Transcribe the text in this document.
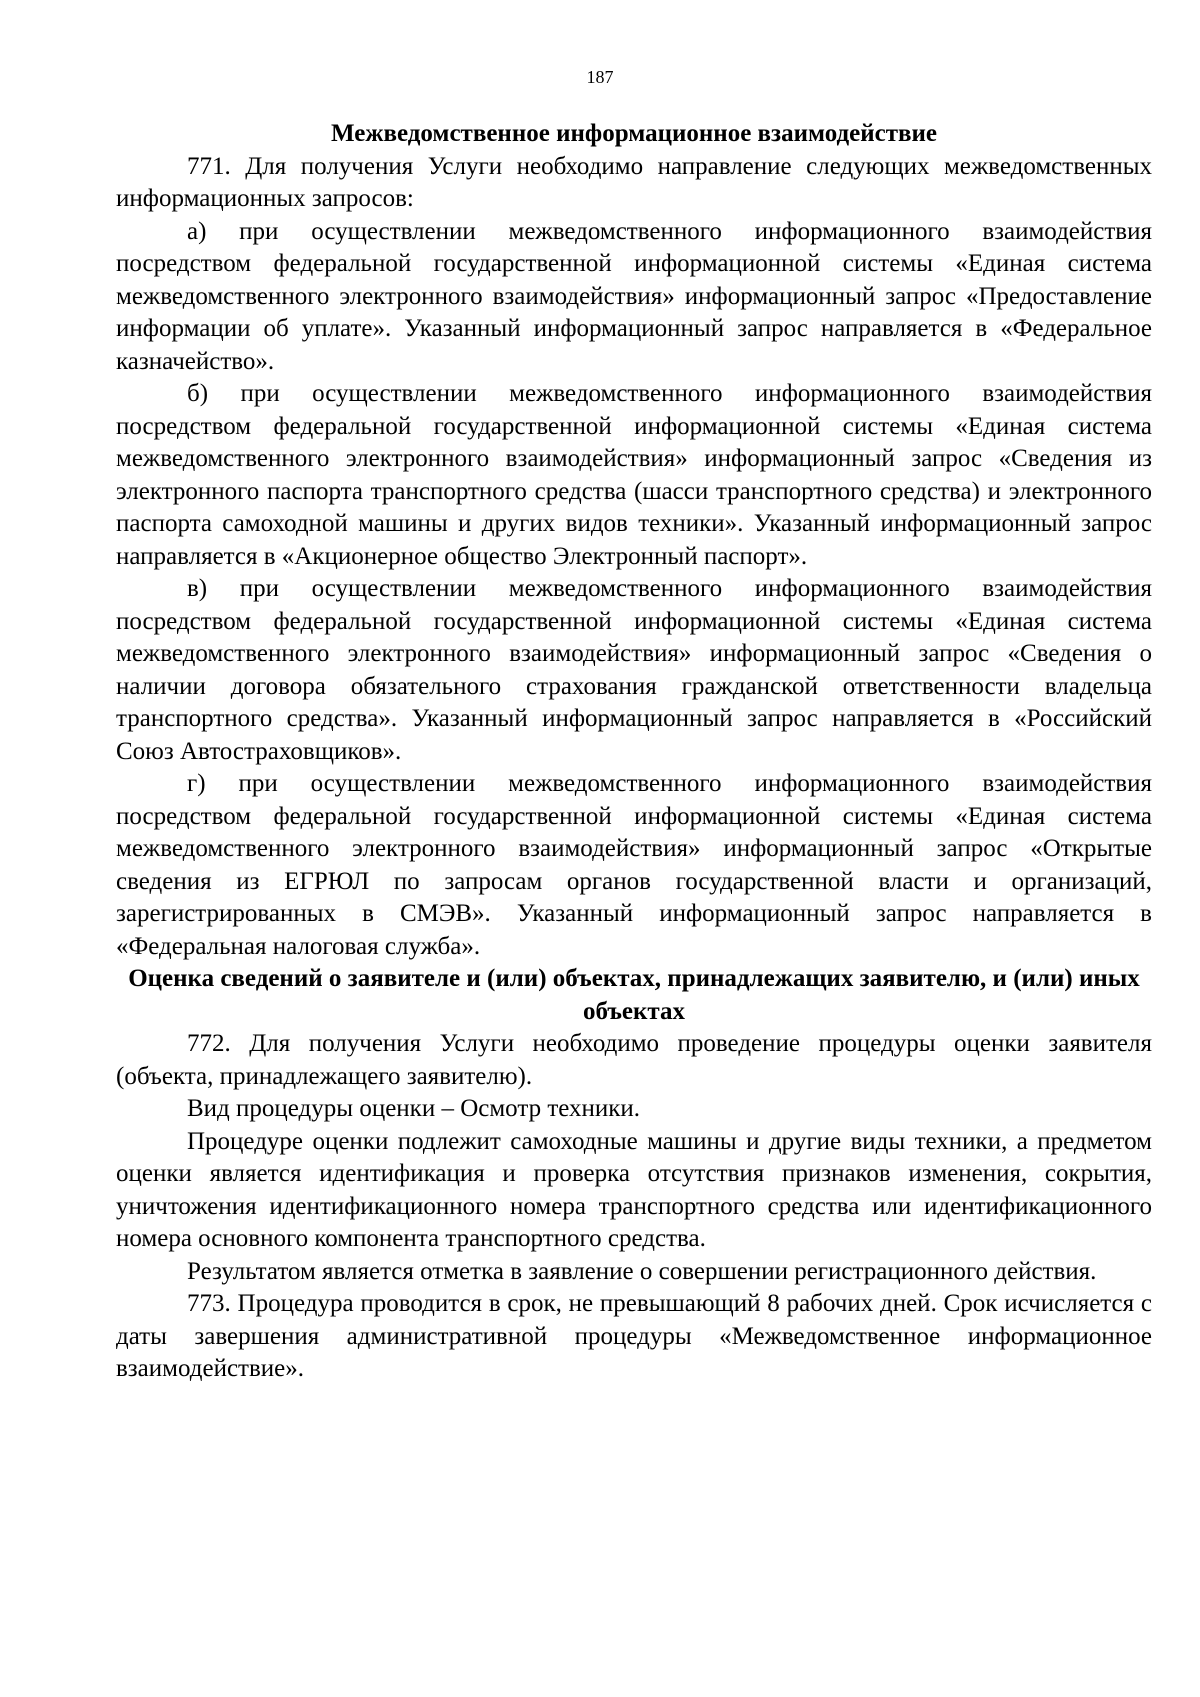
187
Межведомственное информационное взаимодействие

771. Для получения Услуги необходимо направление следующих межведомственных информационных запросов:

а) при осуществлении межведомственного информационного взаимодействия посредством федеральной государственной информационной системы «Единая система межведомственного электронного взаимодействия» информационный запрос «Предоставление информации об уплате». Указанный информационный запрос направляется в «Федеральное казначейство».

б) при осуществлении межведомственного информационного взаимодействия посредством федеральной государственной информационной системы «Единая система межведомственного электронного взаимодействия» информационный запрос «Сведения из электронного паспорта транспортного средства (шасси транспортного средства) и электронного паспорта самоходной машины и других видов техники». Указанный информационный запрос направляется в «Акционерное общество Электронный паспорт».

в) при осуществлении межведомственного информационного взаимодействия посредством федеральной государственной информационной системы «Единая система межведомственного электронного взаимодействия» информационный запрос «Сведения о наличии договора обязательного страхования гражданской ответственности владельца транспортного средства». Указанный информационный запрос направляется в «Российский Союз Автостраховщиков».

г) при осуществлении межведомственного информационного взаимодействия посредством федеральной государственной информационной системы «Единая система межведомственного электронного взаимодействия» информационный запрос «Открытые сведения из ЕГРЮЛ по запросам органов государственной власти и организаций, зарегистрированных в СМЭВ». Указанный информационный запрос направляется в «Федеральная налоговая служба».

Оценка сведений о заявителе и (или) объектах, принадлежащих заявителю, и (или) иных объектах

772. Для получения Услуги необходимо проведение процедуры оценки заявителя (объекта, принадлежащего заявителю).

Вид процедуры оценки – Осмотр техники.

Процедуре оценки подлежит самоходные машины и другие виды техники, а предметом оценки является идентификация и проверка отсутствия признаков изменения, сокрытия, уничтожения идентификационного номера транспортного средства или идентификационного номера основного компонента транспортного средства.

Результатом является отметка в заявление о совершении регистрационного действия.

773. Процедура проводится в срок, не превышающий 8 рабочих дней. Срок исчисляется с даты завершения административной процедуры «Межведомственное информационное взаимодействие».
